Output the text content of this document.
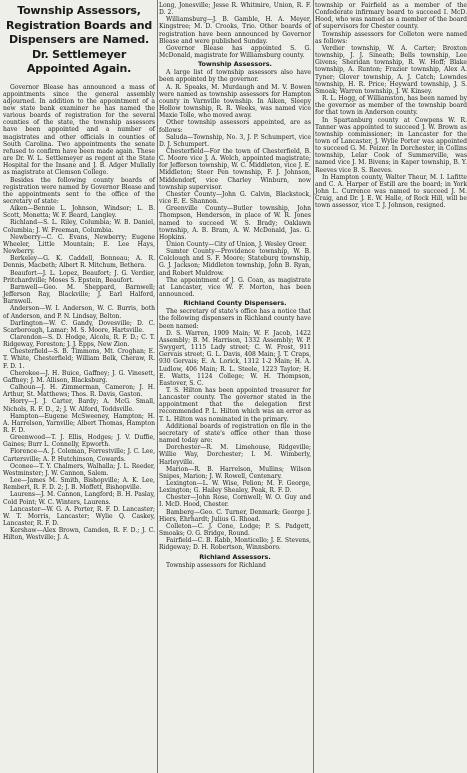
Township Assessors, Registration Boards and Dispensers are Named. Dr. Settlemeyer Appointed Again.

Governor Blease has announced a mass of appointments since the general assembly adjourned. In addition to the appointment of a new state bank examiner he has named the various boards of registration for the several counties of the state, the township assessors have been appointed and a number of magistrates and other officials in counties of South Carolina. Two appointments the senate refused to confirm have been made again. These are Dr. W. L. Settlemeyer as regent at the State Hospital for the Insane and J. B. Adger Mullally as magistrate at Clemson College.

Besides the following county boards of registration were named by Governor Blease and the appointments sent to the office of the secretary of state:

Aiken—Bennie L. Johnson, Windsor; L. B. Scott, Monetta; W. F. Beard, Langley.

Richland—S. L. Riley, Columbia; W. B. Daniel, Columbia; J. W. Freeman, Columbia.

Newberry—C. C. Evans, Newberry; Eugene Wheeler, Little Mountain; E. Lee Hays, Newberry.

Berkeley—G. K. Caddell, Bonneau; A. R. Dennis, Macbeth; Albert R. Mitchum, Bethera.

Beaufort—J. L. Lopez, Beaufort; J. G. Verdier, Pritchardville; Moses S. Epstein, Beaufort.

Barnwell—Geo. M. Sheppard, Barnwell; Jefferson Ray, Blackville; J. Earl Halford, Barnwell.

Anderson—W. I. Anderson, W. C. Burris, both of Anderson, and P. N. Lindsay, Belton.

Darlington—W. C. Gandy, Dovesville; D. C. Scarborough, Lamar; M. S. Moore, Hartsville.

Clarendon—S. D. Hodge, Alcolu, R. F. D.; C. T. Ridgeway, Foreston; J. J. Epps, New Zion.

Chesterfield—S. B. Timmons, Mt. Croghan; E. T. White, Chesterfield; William Belk, Cheraw, R. F. D. 1.

Cherokee—J. H. Buice, Gaffney; J. G. Vinesett, Gaffney; J. M. Allison, Blacksburg.

Calhoun—J. H. Zimmerman, Cameron; J. H. Arthur, St. Matthews; Thos. R. Davis, Gaston.

Horry—J. J. Carter, Bardy; A. McG. Small, Nichols, R. F. D., 2; J. W. Alford, Toddsville.

Hampton—Eugene McSweeney, Hampton; H. A. Harrelson, Yarnville; Albert Thomas, Hampton R. F. D.

Greenwood—T. J. Ellis, Hodges; J. V. Duffie, Gaines; Burr L. Connelly, Epworth.

Florence—A. J. Coleman, Forrestville; J. C. Lee, Cartersville; A. P. Hutchinson, Cowards.

Oconee—T. Y. Chalmers, Walhalla; J. L. Reeder, Westminster; J. W. Cannon, Salem.

Lee—James M. Smith, Bishopville; A. K. Lee, Rembert, R. F. D. 2; J. B. Moffett, Bishopville.

Laurens—J. M. Cannon, Langford; B. H. Paslay, Cold Point; W. C. Winters, Laurens.

Lancaster—W. G. A. Porter, R. F. D. Lancaster; W. T. Morris, Lancaster; Wylie Q. Caskey, Lancaster, R. F. D.

Kershaw—Alex Brown, Camden, R. F. D.; J. C. Hilton, Westville; J. A.

Long, Jonesville; Jesse R. Whitmire, Union, R. F. D. 2.

Williamsburg—J. B. Gamble, H. A. Meyer, Kingstree; M. D. Crooks, Trio. Other boards of registration have been announced by Governor Blease and were published Sunday.

Governor Blease has appointed S. G. McDonald, magistrate for Williamsburg county.

Township Assessors.

A large list of township assessors also have been appointed by the governor.

A. R. Speaks, M. Murdaugh and M. V. Bowen were named as township assessors for Hampton county in Varnville township. In Aiken, Sleepy Hollow township, R. R. Weeks, was named vice Maxie Tolle, who moved away.

Other township assessors appointed, are as follows:

Saluda—Township, No. 3, J. P. Schumpert, vice D. J. Schumpert.

Chesterfield—For the town of Chesterfield, B. C. Moore vice J. A. Welch, appointed magistrate; for Jefferson township, W. C. Middleton, vice J. E. Middleton; Steer Pen township, F. J. Johnson, Middendorf, vice Charley Winburn, now township supervisor.

Chester County—John G. Calvin, Blackstock, vice E. E. Shannon.

Greenville County—Butler township, John Thompson, Henderson, in place of W. R. Jones named to succeed W. S. Brady; Oaklawn township, A. B. Bram, A. W. McDonald, Jas. G. Hopkins.

Union County—City of Union, J. Wesley Greer.

Sumter County—Providence township, W. B. Colclough and S. F. Moore; Stateburg township, G. J. Jackson; Middleton township, John B. Ryan, and Robert Muldrow.

The appointment of J. G. Coan, as magistrate at Lancaster, vice W. F. Morton, has been announced.

Richland County Dispensers.

The secretary of state's office has a notice that the following dispensers in Richland county have been named:

D. S. Warren, 1909 Main; W. F. Jacob, 1422 Assembly; B. M. Harrison, 1332 Assembly; W. P. Swygert, 1115 Lady street; C. W. Frost, 911 Gervais street; G. L. Davis, 408 Main; J. T. Craps, 930 Gervais; E. A. Lorick, 1312 1-2 Main; H. A. Ludlow, 406 Main; R. L. Steele, 1223 Taylor; H. E. Watts, 1124 College; W. H. Thompson, Eastover, S. C.

T. S. Hilton has been appointed treasurer for Lancaster county. The governor stated in the appointment that the delegation first recommended P. L. Hilton which was an error as T. L. Hilton was nominated in the primary.

Additional boards of registration on file in the secretary of state's office other than those named today are:

Dorchester—R. M. Limehouse, Ridgeville; Willie Way, Dorchester; I. M. Wimberly, Harleyville.

Marion—R. B. Harrelson, Mullins; Wilson Snipes, Marion; J. W. Rowell, Centenary.

Lexington—L. W. Wise, Pelion; M. F. George, Lexington; G. Hailey Shealey, Peak, R. F. D.

Chester—John Rose, Cornwell; W. O. Guy and I. McD. Hood, Chester.

Bamberg—Geo. C. Turner, Denmark; George J. Hiers, Ehrhardt; Julius G. Rhoad.

Colleton—C. J. Cone, Lodge; P. S. Padgett, Smoaks; O. G. Bridge, Round.

Fairfield—C. B. Rabb, Monticello; J. E. Stevens, Ridgeway; D. H. Robertson, Winnsboro.

Richland Assessors.

Township assessors for Richland

township or Fairfield as a member of the Confederate infirmary board to succeed I. McD. Hood, who was named as a member of the board of supervisors for Chester county.

Township assessors for Colleton were named as follows:

Verdier township, W. A. Carter; Broxton township, J. J. Sineath; Bells township, Lee Givens; Sheridan township, R. W. Hoff; Blake township, A. Runton; Frazier township, Alex A. Tyner; Glover township, A. J. Catch; Lowndes township, H. R. Price; Heyward township, J. S. Smoak; Warren township, J. W. Kinsey.

R. L. Hogg, of Williamston, has been named by the governor as member of the township board for that town in Anderson county.

In Spartanburg county at Cowpens W. R. Tanner was appointed to succeed J. W. Brown as township commissioner; in Lancaster for the town of Lancaster, J. Wylie Porter was appointed to succeed G. M. Peizer. In Dorchester, in Collins township, Lelar Cook of Summerville, was named vice J. M. Bivens; in Kaper township, B. Y. Reeves vice B. S. Reeves.

In Hampton county, Walter Theur, M. I. Lafitte and C. A. Harper of Estill are the board; in York John L. Currence was named to succeed J. M. Craig, and Dr. J. E. W. Halle, of Rock Hill, will be town assessor, vice T. J. Johnson, resigned.
